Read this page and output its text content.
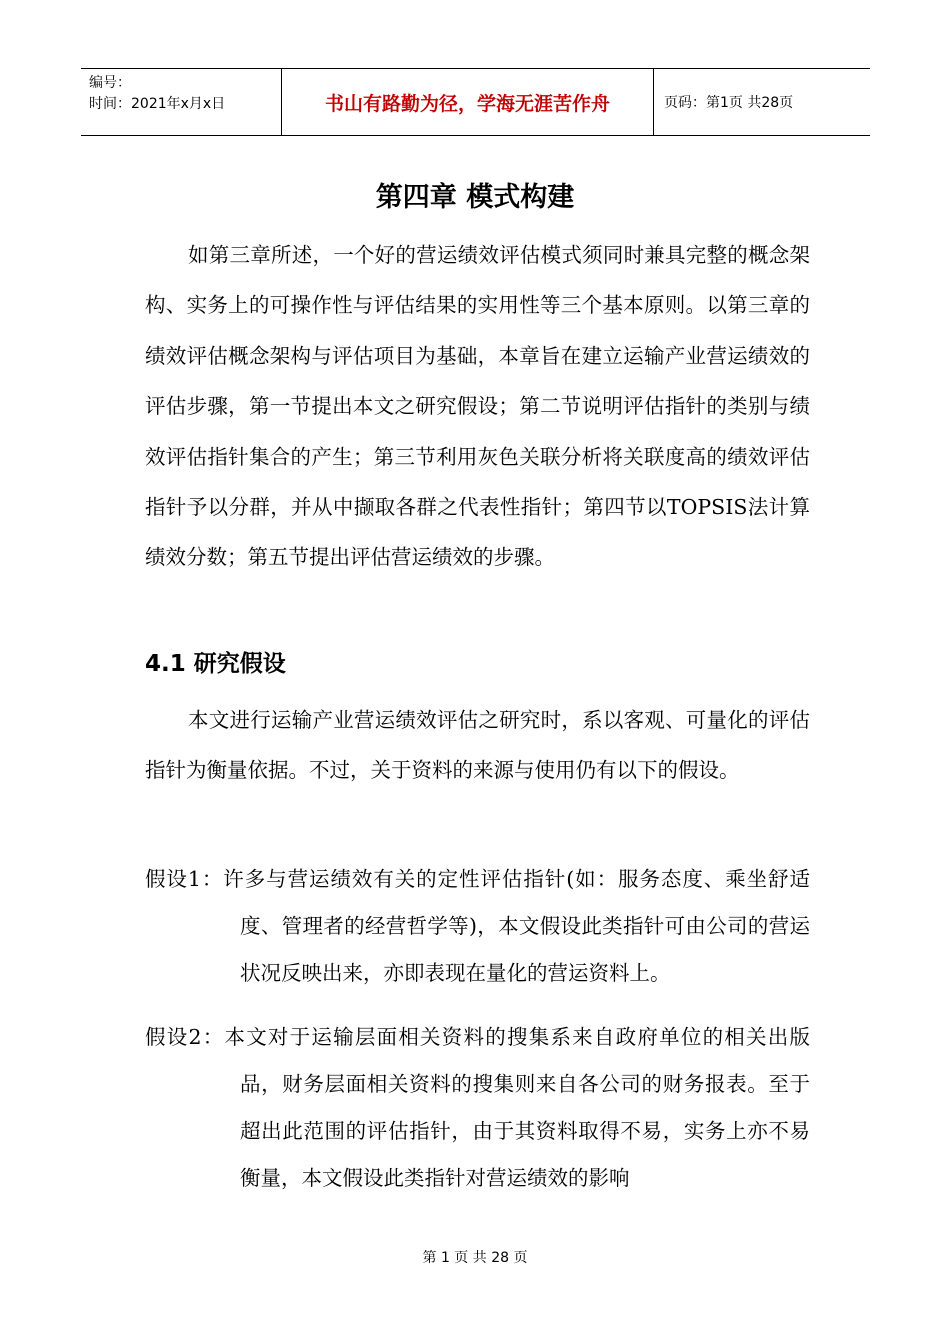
编号：
时间：2021年x月x日	书山有路勤为径，学海无涯苦作舟	页码：第1页 共28页
第四章 模式构建

如第三章所述，一个好的营运绩效评估模式须同时兼具完整的概念架构、实务上的可操作性与评估结果的实用性等三个基本原则。以第三章的绩效评估概念架构与评估项目为基础，本章旨在建立运输产业营运绩效的评估步骤，第一节提出本文之研究假设；第二节说明评估指针的类别与绩效评估指针集合的产生；第三节利用灰色关联分析将关联度高的绩效评估指针予以分群，并从中撷取各群之代表性指针；第四节以TOPSIS法计算绩效分数；第五节提出评估营运绩效的步骤。

4.1 研究假设

本文进行运输产业营运绩效评估之研究时，系以客观、可量化的评估指针为衡量依据。不过，关于资料的来源与使用仍有以下的假设。

假设1：许多与营运绩效有关的定性评估指针(如：服务态度、乘坐舒适度、管理者的经营哲学等)，本文假设此类指针可由公司的营运状况反映出来，亦即表现在量化的营运资料上。

假设2：本文对于运输层面相关资料的搜集系来自政府单位的相关出版品，财务层面相关资料的搜集则来自各公司的财务报表。至于超出此范围的评估指针，由于其资料取得不易，实务上亦不易衡量，本文假设此类指针对营运绩效的影响

第 1 页 共 28 页
